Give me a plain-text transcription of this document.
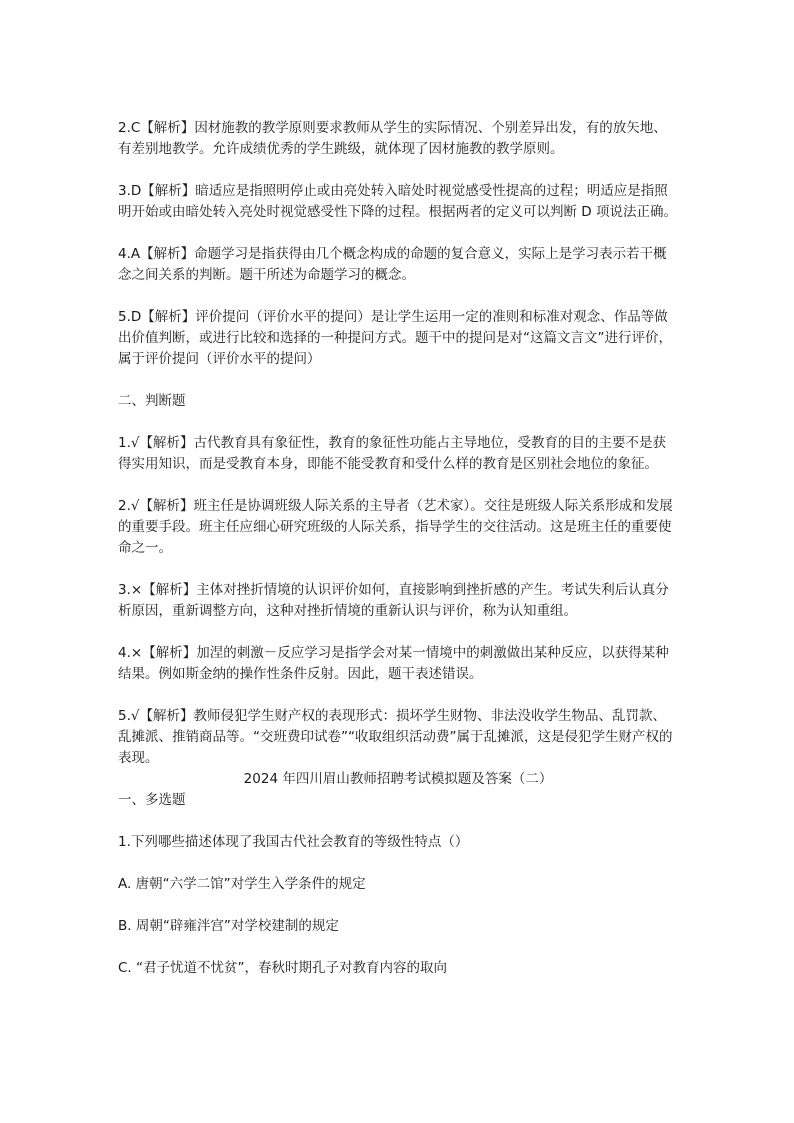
2.C【解析】因材施教的教学原则要求教师从学生的实际情况、个别差异出发，有的放矢地、有差别地教学。允许成绩优秀的学生跳级，就体现了因材施教的教学原则。

3.D【解析】暗适应是指照明停止或由亮处转入暗处时视觉感受性提高的过程；明适应是指照明开始或由暗处转入亮处时视觉感受性下降的过程。根据两者的定义可以判断 D 项说法正确。

4.A【解析】命题学习是指获得由几个概念构成的命题的复合意义，实际上是学习表示若干概念之间关系的判断。题干所述为命题学习的概念。

5.D【解析】评价提问（评价水平的提问）是让学生运用一定的准则和标准对观念、作品等做出价值判断，或进行比较和选择的一种提问方式。题干中的提问是对“这篇文言文”进行评价，属于评价提问（评价水平的提问）

二、判断题

1.√【解析】古代教育具有象征性，教育的象征性功能占主导地位，受教育的目的主要不是获得实用知识，而是受教育本身，即能不能受教育和受什么样的教育是区别社会地位的象征。

2.√【解析】班主任是协调班级人际关系的主导者（艺术家）。交往是班级人际关系形成和发展的重要手段。班主任应细心研究班级的人际关系，指导学生的交往活动。这是班主任的重要使命之一。

3.×【解析】主体对挫折情境的认识评价如何，直接影响到挫折感的产生。考试失利后认真分析原因，重新调整方向，这种对挫折情境的重新认识与评价，称为认知重组。

4.×【解析】加涅的刺激－反应学习是指学会对某一情境中的刺激做出某种反应，以获得某种结果。例如斯金纳的操作性条件反射。因此，题干表述错误。

5.√【解析】教师侵犯学生财产权的表现形式：损坏学生财物、非法没收学生物品、乱罚款、乱摊派、推销商品等。“交班费印试卷”“收取组织活动费”属于乱摊派，这是侵犯学生财产权的表现。

2024 年四川眉山教师招聘考试模拟题及答案（二）

一、多选题

1.下列哪些描述体现了我国古代社会教育的等级性特点（）

A. 唐朝“六学二馆”对学生入学条件的规定

B. 周朝“辟雍泮宫”对学校建制的规定

C. “君子忧道不忧贫”，春秋时期孔子对教育内容的取向
